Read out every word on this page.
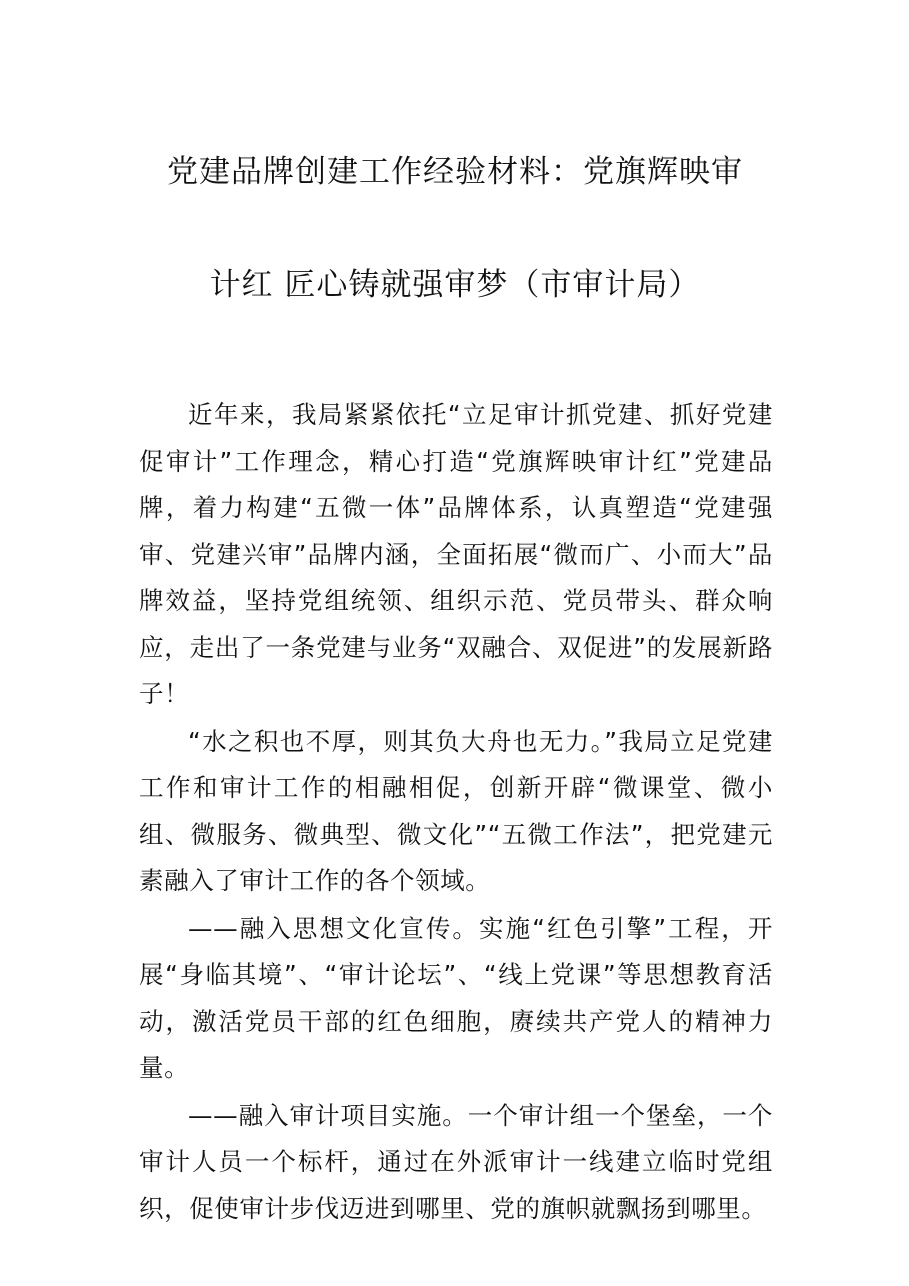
党建品牌创建工作经验材料：党旗辉映审
计红 匠心铸就强审梦（市审计局）

近年来，我局紧紧依托“立足审计抓党建、抓好党建促审计”工作理念，精心打造“党旗辉映审计红”党建品牌，着力构建“五微一体”品牌体系，认真塑造“党建强审、党建兴审”品牌内涵，全面拓展“微而广、小而大”品牌效益，坚持党组统领、组织示范、党员带头、群众响应，走出了一条党建与业务“双融合、双促进”的发展新路子！

“水之积也不厚，则其负大舟也无力。”我局立足党建工作和审计工作的相融相促，创新开辟“微课堂、微小组、微服务、微典型、微文化”“五微工作法”，把党建元素融入了审计工作的各个领域。

——融入思想文化宣传。实施“红色引擎”工程，开展“身临其境”、“审计论坛”、“线上党课”等思想教育活动，激活党员干部的红色细胞，赓续共产党人的精神力量。

——融入审计项目实施。一个审计组一个堡垒，一个审计人员一个标杆，通过在外派审计一线建立临时党组织，促使审计步伐迈进到哪里、党的旗帜就飘扬到哪里。
